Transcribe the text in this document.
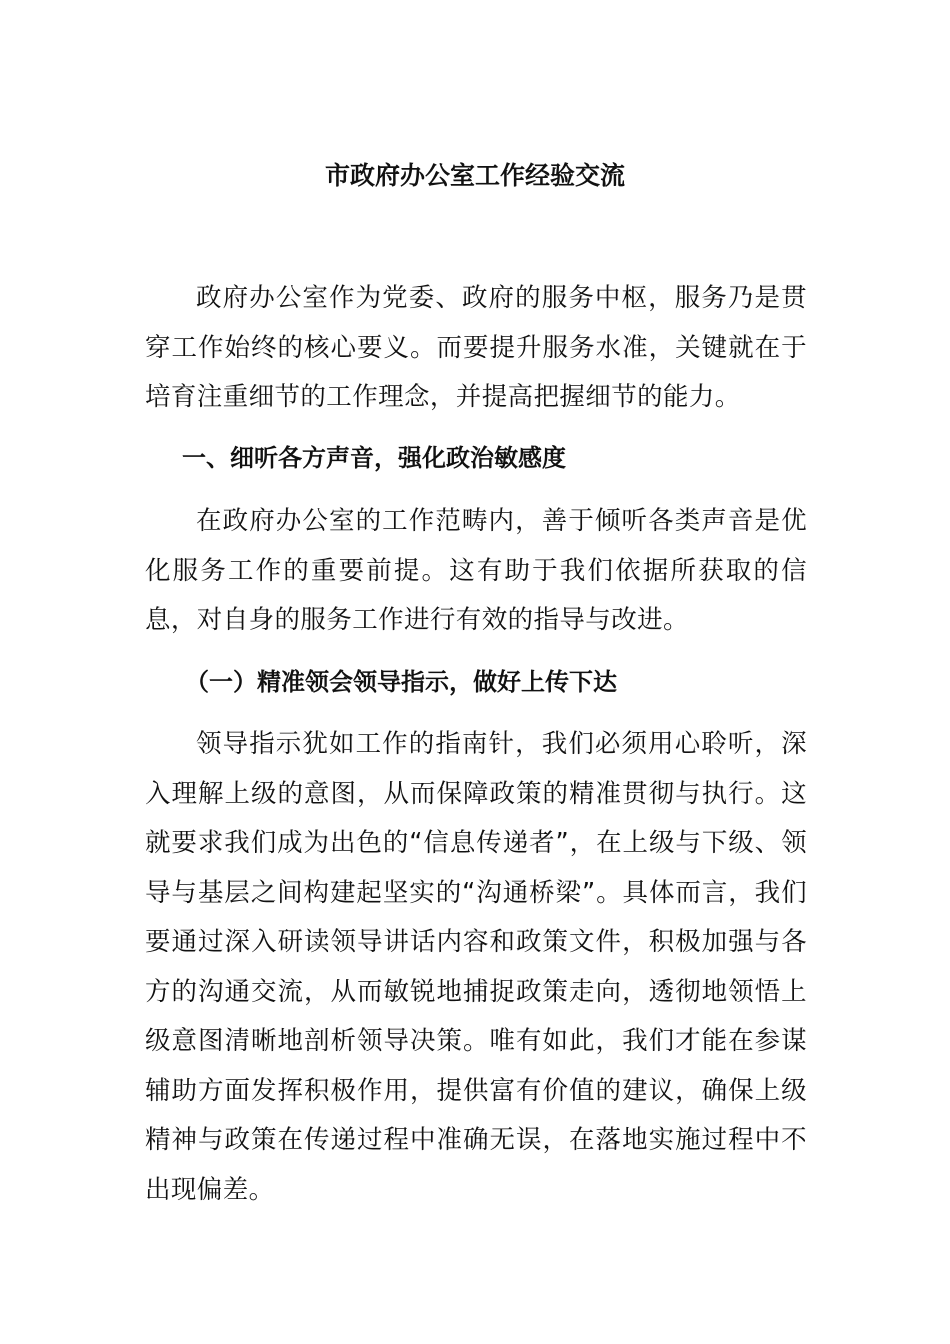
市政府办公室工作经验交流

政府办公室作为党委、政府的服务中枢，服务乃是贯穿工作始终的核心要义。而要提升服务水准，关键就在于培育注重细节的工作理念，并提高把握细节的能力。

一、细听各方声音，强化政治敏感度

在政府办公室的工作范畴内，善于倾听各类声音是优化服务工作的重要前提。这有助于我们依据所获取的信息，对自身的服务工作进行有效的指导与改进。

（一）精准领会领导指示，做好上传下达

领导指示犹如工作的指南针，我们必须用心聆听，深入理解上级的意图，从而保障政策的精准贯彻与执行。这就要求我们成为出色的“信息传递者”，在上级与下级、领导与基层之间构建起坚实的“沟通桥梁”。具体而言，我们要通过深入研读领导讲话内容和政策文件，积极加强与各方的沟通交流，从而敏锐地捕捉政策走向，透彻地领悟上级意图清晰地剖析领导决策。唯有如此，我们才能在参谋辅助方面发挥积极作用，提供富有价值的建议，确保上级精神与政策在传递过程中准确无误，在落地实施过程中不出现偏差。
